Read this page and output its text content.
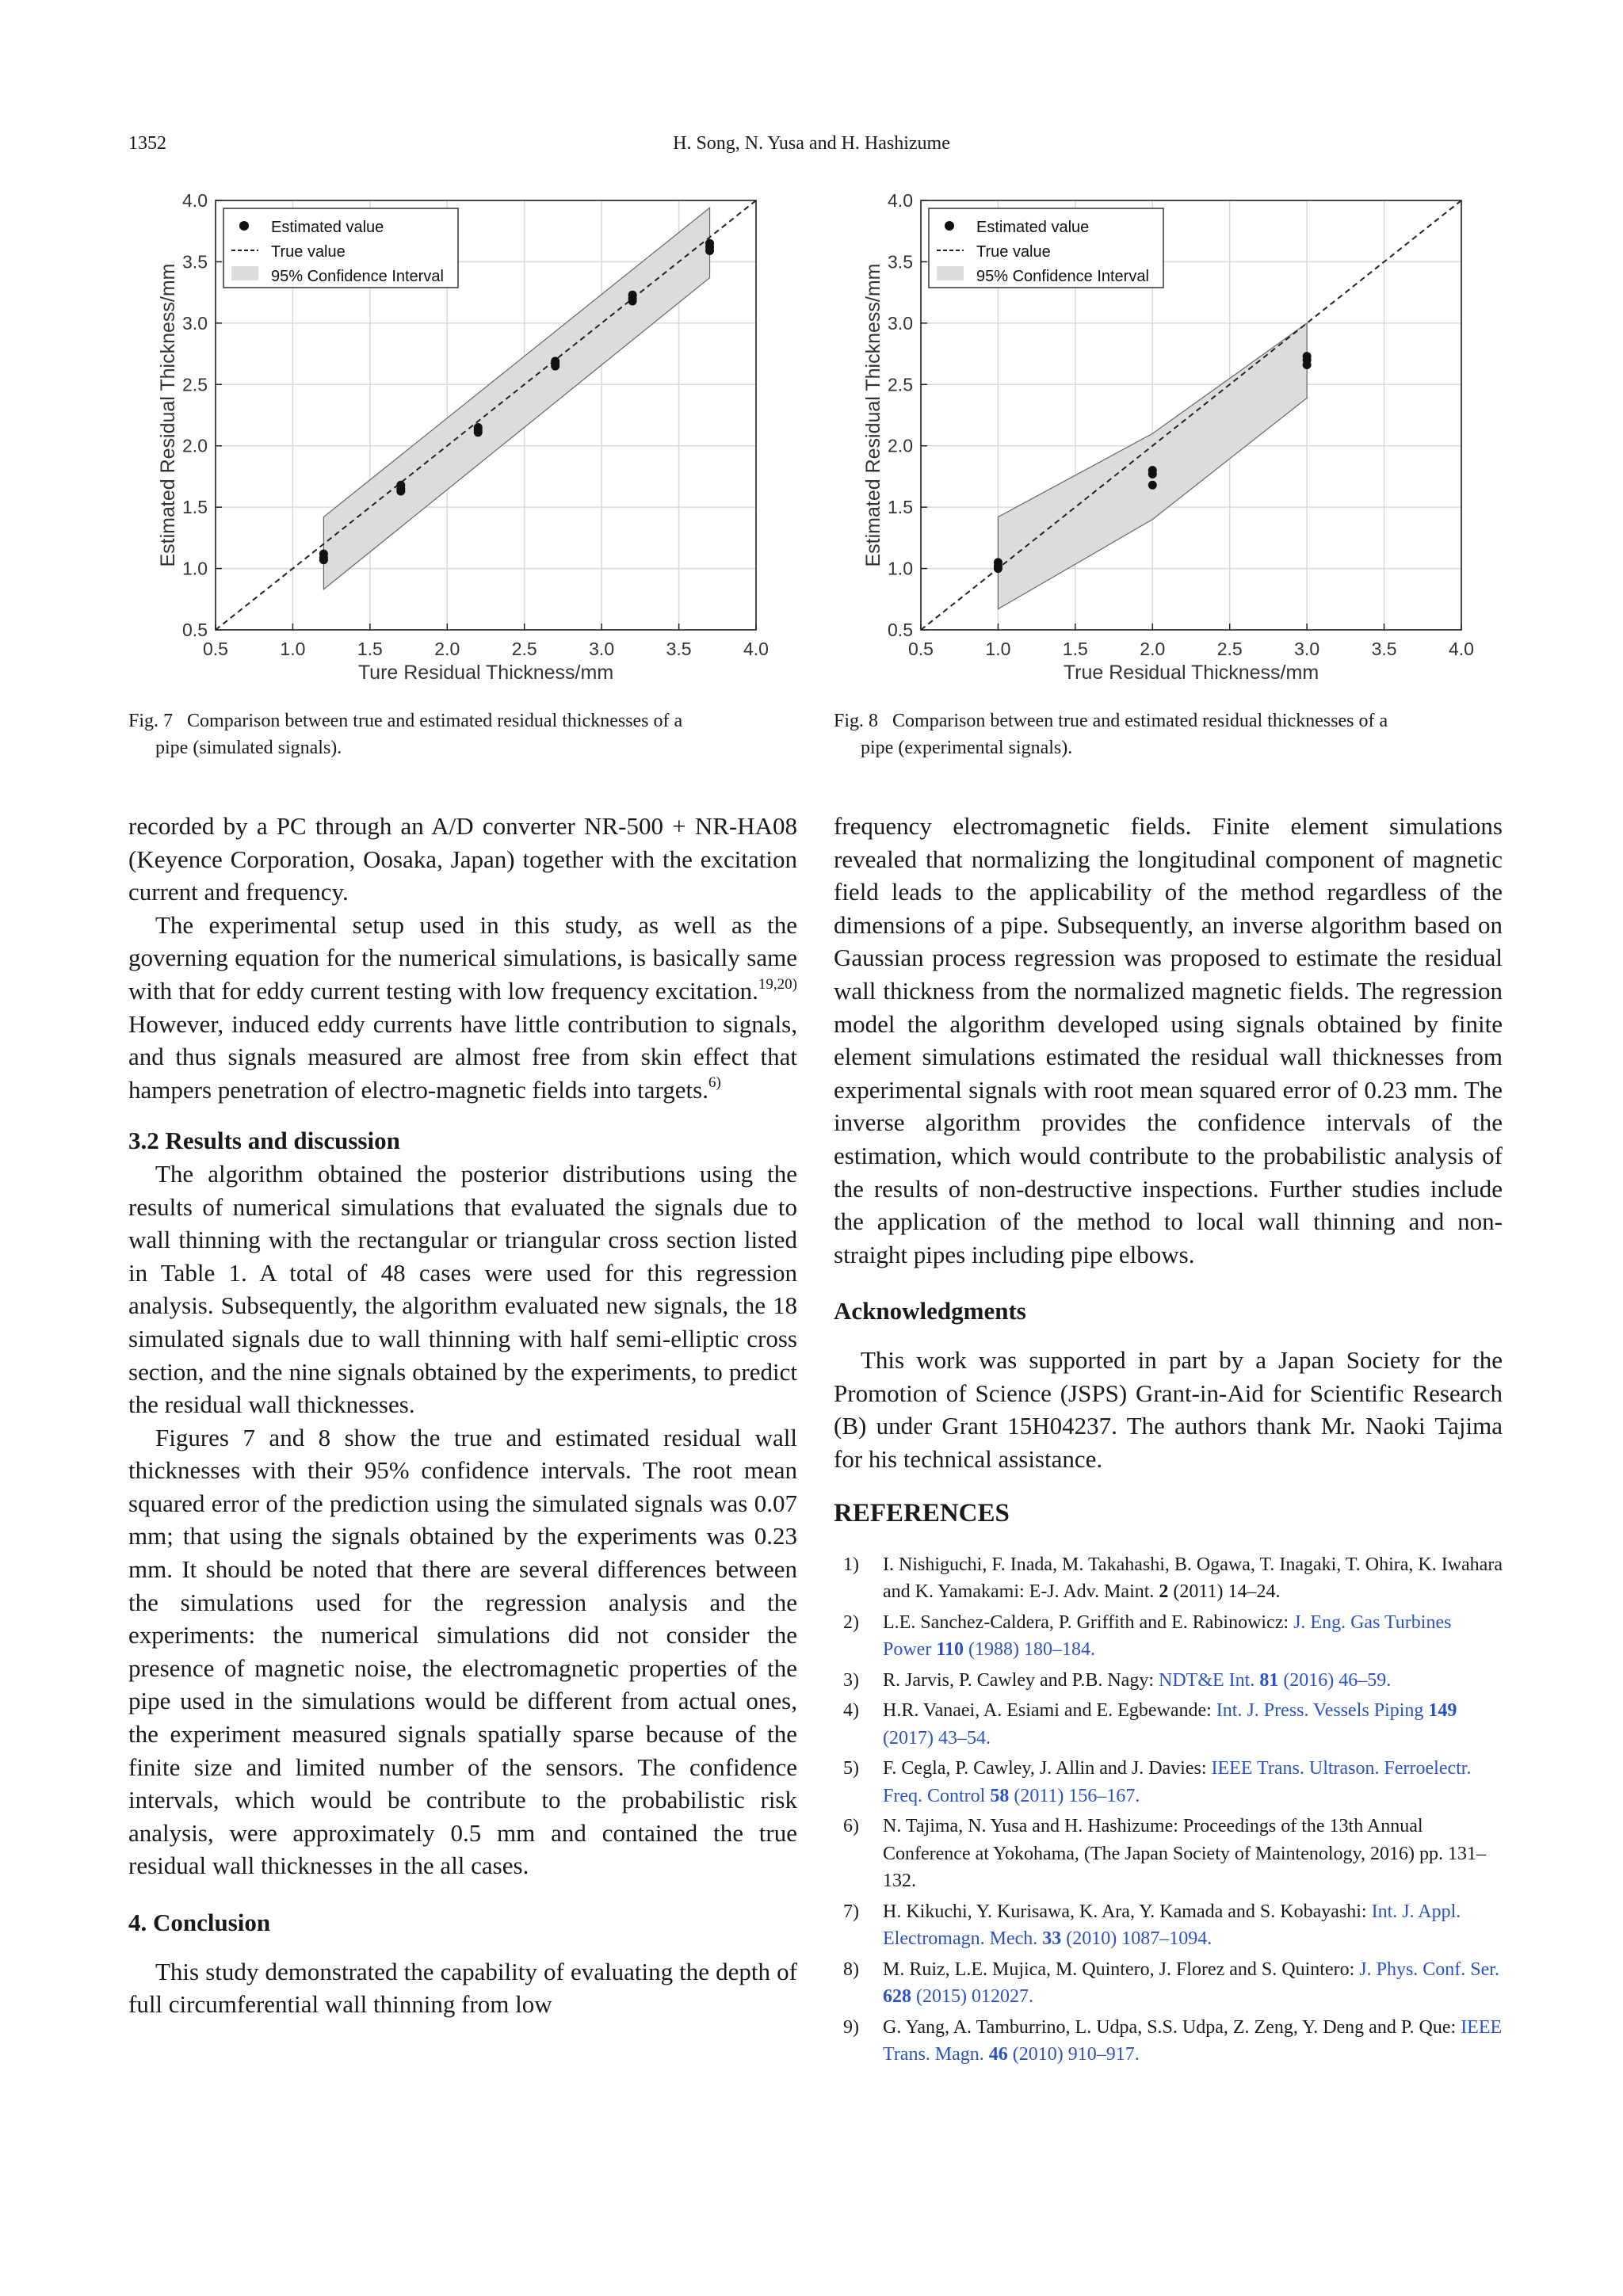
1352	H. Song, N. Yusa and H. Hashizume
0.5	1.0	1.5	2.0	2.5	3.0	3.5	4.0
0.5
1.0
1.5
2.0
2.5
3.0
3.5
4.0
Ture Residual Thickness/mm
Estimated Residual Thickness/mm
Estimated value
True value
95% Confidence Interval
Fig. 7 Comparison between true and estimated residual thicknesses of a
pipe (simulated signals).
0.5	1.0	1.5	2.0	2.5	3.0	3.5	4.0
0.5
1.0
1.5
2.0
2.5
3.0
3.5
4.0
True Residual Thickness/mm
Estimated Residual Thickness/mm
Estimated value
True value
95% Confidence Interval
Fig. 8 Comparison between true and estimated residual thicknesses of a
pipe (experimental signals).

recorded by a PC through an A/D converter NR-500 + NR-HA08 (Keyence Corporation, Oosaka, Japan) together with the excitation current and frequency.

The experimental setup used in this study, as well as the governing equation for the numerical simulations, is basically same with that for eddy current testing with low frequency excitation.$^{19,20)}$ However, induced eddy currents have little contribution to signals, and thus signals measured are almost free from skin effect that hampers penetration of electro-magnetic fields into targets.$^{6)}$

3.2 Results and discussion

The algorithm obtained the posterior distributions using the results of numerical simulations that evaluated the signals due to wall thinning with the rectangular or triangular cross section listed in Table 1. A total of 48 cases were used for this regression analysis. Subsequently, the algorithm evaluated new signals, the 18 simulated signals due to wall thinning with half semi-elliptic cross section, and the nine signals obtained by the experiments, to predict the residual wall thicknesses.

Figures 7 and 8 show the true and estimated residual wall thicknesses with their 95% confidence intervals. The root mean squared error of the prediction using the simulated signals was 0.07 mm; that using the signals obtained by the experiments was 0.23 mm. It should be noted that there are several differences between the simulations used for the regression analysis and the experiments: the numerical simulations did not consider the presence of magnetic noise, the electromagnetic properties of the pipe used in the simulations would be different from actual ones, the experiment measured signals spatially sparse because of the finite size and limited number of the sensors. The confidence intervals, which would be contribute to the probabilistic risk analysis, were approximately 0.5 mm and contained the true residual wall thicknesses in the all cases.

4. Conclusion

This study demonstrated the capability of evaluating the depth of full circumferential wall thinning from low

frequency electromagnetic fields. Finite element simulations revealed that normalizing the longitudinal component of magnetic field leads to the applicability of the method regardless of the dimensions of a pipe. Subsequently, an inverse algorithm based on Gaussian process regression was proposed to estimate the residual wall thickness from the normalized magnetic fields. The regression model the algorithm developed using signals obtained by finite element simulations estimated the residual wall thicknesses from experimental signals with root mean squared error of 0.23 mm. The inverse algorithm provides the confidence intervals of the estimation, which would contribute to the probabilistic analysis of the results of non-destructive inspections. Further studies include the application of the method to local wall thinning and non-straight pipes including pipe elbows.

Acknowledgments

This work was supported in part by a Japan Society for the Promotion of Science (JSPS) Grant-in-Aid for Scientific Research (B) under Grant 15H04237. The authors thank Mr. Naoki Tajima for his technical assistance.

REFERENCES
1) I. Nishiguchi, F. Inada, M. Takahashi, B. Ogawa, T. Inagaki, T. Ohira, K. Iwahara and K. Yamakami: E-J. Adv. Maint. 2 (2011) 14–24.
2) L.E. Sanchez-Caldera, P. Griffith and E. Rabinowicz: J. Eng. Gas Turbines Power 110 (1988) 180–184.
3) R. Jarvis, P. Cawley and P.B. Nagy: NDT&E Int. 81 (2016) 46–59.
4) H.R. Vanaei, A. Esiami and E. Egbewande: Int. J. Press. Vessels Piping 149 (2017) 43–54.
5) F. Cegla, P. Cawley, J. Allin and J. Davies: IEEE Trans. Ultrason. Ferroelectr. Freq. Control 58 (2011) 156–167.
6) N. Tajima, N. Yusa and H. Hashizume: Proceedings of the 13th Annual Conference at Yokohama, (The Japan Society of Maintenology, 2016) pp. 131–132.
7) H. Kikuchi, Y. Kurisawa, K. Ara, Y. Kamada and S. Kobayashi: Int. J. Appl. Electromagn. Mech. 33 (2010) 1087–1094.
8) M. Ruiz, L.E. Mujica, M. Quintero, J. Florez and S. Quintero: J. Phys. Conf. Ser. 628 (2015) 012027.
9) G. Yang, A. Tamburrino, L. Udpa, S.S. Udpa, Z. Zeng, Y. Deng and P. Que: IEEE Trans. Magn. 46 (2010) 910–917.
